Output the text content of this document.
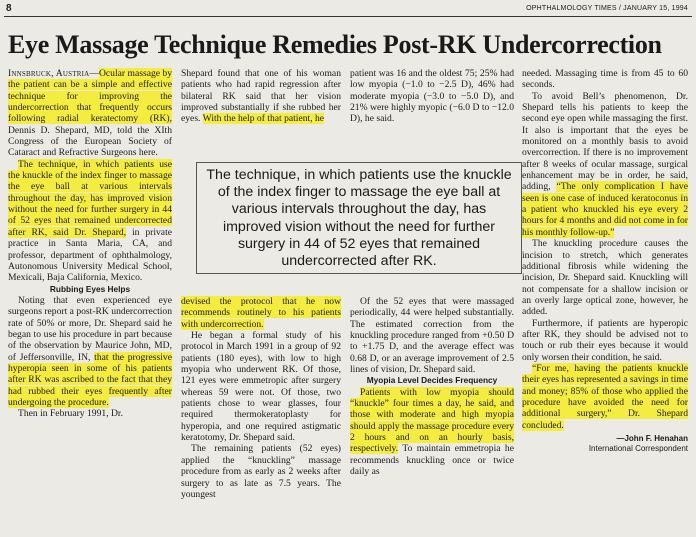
8	OPHTHALMOLOGY TIMES / JANUARY 15, 1994
Eye Massage Technique Remedies Post-RK Undercorrection

Innsbruck, Austria—Ocular massage by the patient can be a simple and effective technique for improving the undercorrection that frequently occurs following radial keratectomy (RK), Dennis D. Shepard, MD, told the XIth Congress of the European Society of Cataract and Refractive Surgeons here.

The technique, in which patients use the knuckle of the index finger to massage the eye ball at various intervals throughout the day, has improved vision without the need for further surgery in 44 of 52 eyes that remained undercorrected after RK, said Dr. Shepard, in private practice in Santa Maria, CA, and professor, department of ophthalmology, Autonomous University Medical School, Mexicali, Baja California, Mexico.

Rubbing Eyes Helps

Noting that even experienced eye surgeons report a post-RK undercorrection rate of 50% or more, Dr. Shepard said he began to use his procedure in part because of the observation by Maurice John, MD, of Jeffersonville, IN, that the progressive hyperopia seen in some of his patients after RK was ascribed to the fact that they had rubbed their eyes frequently after undergoing the procedure.

Then in February 1991, Dr.

Shepard found that one of his woman patients who had rapid regression after bilateral RK said that her vision improved substantially if she rubbed her eyes. With the help of that patient, he

devised the protocol that he now recommends routinely to his patients with undercorrection.

He began a formal study of his protocol in March 1991 in a group of 92 patients (180 eyes), with low to high myopia who underwent RK. Of those, 121 eyes were emmetropic after surgery whereas 59 were not. Of those, two patients chose to wear glasses, four required thermokeratoplasty for hyperopia, and one required astigmatic keratotomy, Dr. Shepard said.

The remaining patients (52 eyes) applied the “knuckling” massage procedure from as early as 2 weeks after surgery to as late as 7.5 years. The youngest

patient was 16 and the oldest 75; 25% had low myopia (−1.0 to −2.5 D), 46% had moderate myopia (−3.0 to −5.0 D), and 21% were highly myopic (−6.0 D to −12.0 D), he said.

Of the 52 eyes that were massaged periodically, 44 were helped substantially. The estimated correction from the knuckling procedure ranged from +0.50 D to +1.75 D, and the average effect was 0.68 D, or an average improvement of 2.5 lines of vision, Dr. Shepard said.

Myopia Level Decides Frequency

Patients with low myopia should “knuckle” four times a day, he said, and those with moderate and high myopia should apply the massage procedure every 2 hours and on an hourly basis, respectively. To maintain emmetropia he recommends knuckling once or twice daily as

The technique, in which patients use the knuckle of the index finger to massage the eye ball at various intervals throughout the day, has improved vision without the need for further surgery in 44 of 52 eyes that remained undercorrected after RK.

needed. Massaging time is from 45 to 60 seconds.

To avoid Bell’s phenomenon, Dr. Shepard tells his patients to keep the second eye open while massaging the first. It also is important that the eyes be monitored on a monthly basis to avoid overcorrection. If there is no improvement after 8 weeks of ocular massage, surgical enhancement may be in order, he said, adding, “The only complication I have seen is one case of induced keratoconus in a patient who knuckled his eye every 2 hours for 4 months and did not come in for his monthly follow-up.”

The knuckling procedure causes the incision to stretch, which generates additional fibrosis while widening the incision, Dr. Shepard said. Knuckling will not compensate for a shallow incision or an overly large optical zone, however, he added.

Furthermore, if patients are hyperopic after RK, they should be advised not to touch or rub their eyes because it would only worsen their condition, he said.

“For me, having the patients knuckle their eyes has represented a savings in time and money; 85% of those who applied the procedure have avoided the need for additional surgery,” Dr. Shepard concluded.

—John F. Henahan
International Correspondent
